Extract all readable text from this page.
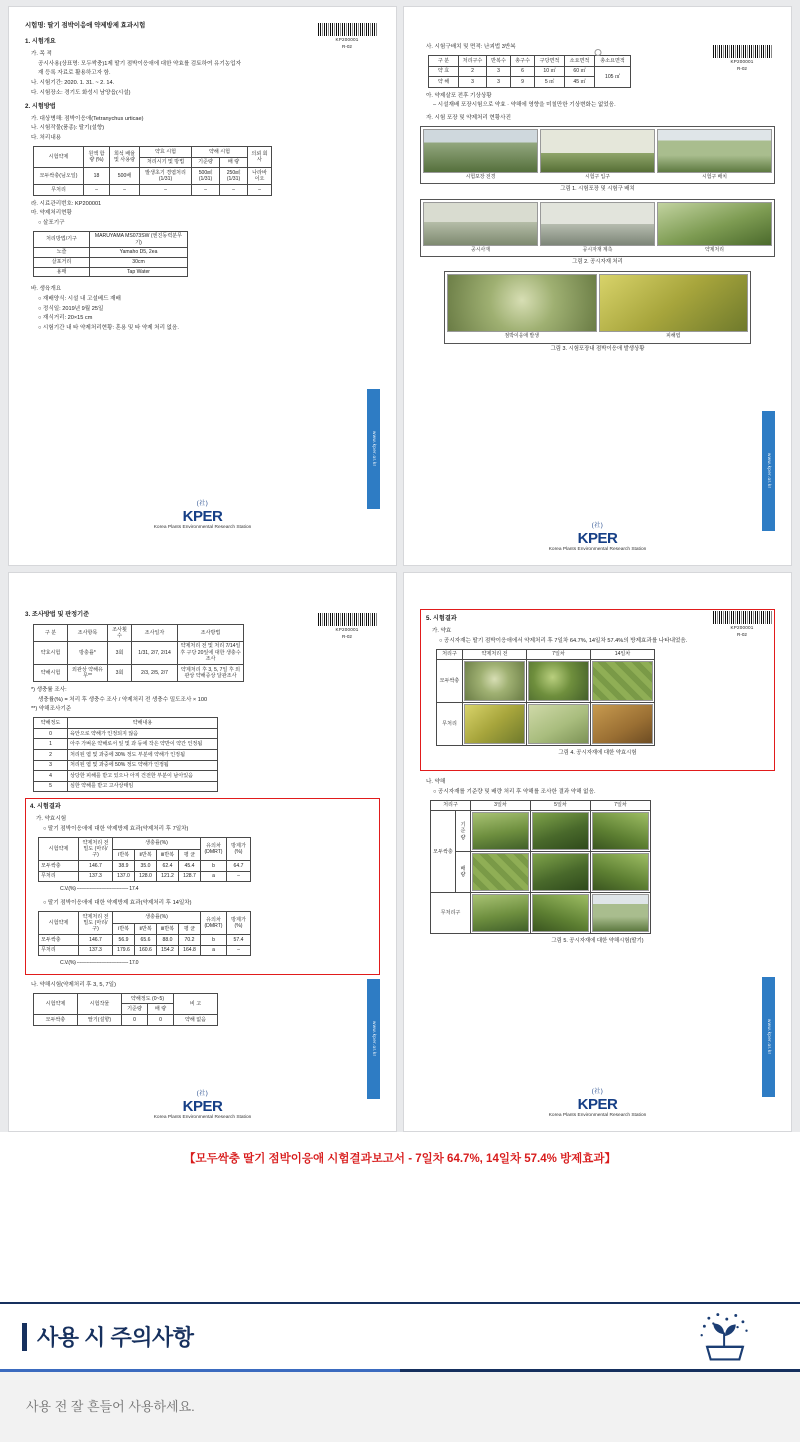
KP200001
R-02
시험명: 딸기 점박이응애 약제방제 효과시험
1. 시험개요
가. 목 적
공시사용(상표명: 모두싹충)1제 딸기 점박이응애에 대한 약효를 검토하여 유기농업자
재 등록 자료로 활용하고자 함.
나. 시험기간: 2020. 1. 31. ~ 2. 14.
다. 시험장소: 경기도 화성시 남양읍(시설)
2. 시험방법
가. 대상병해: 점박이응애(Tetranychus urticae)
나. 시험작물(품종): 딸기(설향)
다. 처리내용
시험약제	원액 함량 (%)	희석 배율 및 사용량	약효 시험	약해 시험		의뢰 회사
			처리시기 및 방법	기준량	배 량	
모두싹충(님오일)	18	500배	발생초기 경엽처리 (1/31)	500㎖ (1/31)	250㎖ (1/31)	나라바이오
무처리	–	–	–	–	–	–
라. 시료관리번호: KP200001
마. 약제처리현황
○ 살포기구
처리방법/기구	MARUYAMA MS073SW (엔진동력분무기)
노즐	Yamaho D5, 2ea
살포거리	30cm
용매	Tap Water
바. 생육개요
○ 재배양식: 시설 내 고설베드 재배
○ 정식일: 2019년 9월 25일
○ 재식거리: 20×15 cm
○ 시험기간 내 타 약제처리현황: 혼용 및 타 약제 처리 없음.
www.kper.or.kr
(社)
KPER
Korea Plants Environmental Research Station
KP200001
R-02
사. 시험구배치 및 면적: 난괴법 3반복
구 분	처리구수	반복수	총구수	구당면적	소요면적	총소요면적
약 효	2	3	6	10 ㎡	60 ㎡	105 ㎡
약 해	3	3	9	5 ㎡	45 ㎡	
아. 약제살포 전후 기상상황
– 시설재배 포장시험으로 약효 · 약해에 영향을 미칠만한 기상변화는 없었음.
자. 시험 포장 및 약제처리 현황사진
시험포장 전경	시험구 입구	시험구 배치
그림 1. 시험포장 및 시험구 배치
공시사재	공시자재 계측	약제처리
그림 2. 공시자재 처리
점박이응애 발생	피해엽
그림 3. 시험포장내 점박이응애 발생상황
www.kper.or.kr
(社)
KPER
Korea Plants Environmental Research Station
KP200001
R-02
3. 조사방법 및 판정기준
구 분	조사항목	조사횟수	조사일자	조사방법
약효시험	방충률*	3회	1/31, 2/7, 2/14	약제처리 전 및 처리 7/14일 후 구당 20잎에 대한 생충수 조사
약해시험	외관상 약해유무**	3회	2/3, 2/5, 2/7	약제처리 후 3, 5, 7일 후 외관상 약해증상 달관조사
*) 생충률 조사:
생충률(%) = 처리 후 생충수 조사 / 약제처리 전 생충수 밀도조사 × 100
**) 약해조사기준
약해정도	약해내용
0	육안으로 약해가 인정되지 않음
1	아주 가벼운 약해로서 잎 및 과 등에 작은 약반이 약간 인정됨
2	처리된 엽 및 과중에 30% 정도 부분에 약해가 인정됨
3	처리된 엽 및 과중에 50% 정도 약해가 인정됨
4	상당한 피해를 받고 있으나 아직 건전한 부분이 남아있음
5	심한 약해를 받고 고사상태임
4. 시험결과
가. 약효시험
○ 딸기 점박이응애에 대한 약제방제 효과(약제처리 후 7일차)
시험약제	약제처리 전 밀도 (마리/구)	생충률(%)				유의차 (DMRT)	방제가 (%)
		Ⅰ반복	Ⅱ반복	Ⅲ반복	평 균		
모두싹충	146.7	38.9	35.0	62.4	45.4	b	64.7
무처리	137.3	137.0	128.0	121.2	128.7	a	–
C.V.(%) ------------------------------------ 17.4
○ 딸기 점박이응애에 대한 약제방제 효과(약제처리 후 14일차)
시험약제	약제처리 전 밀도 (마리/구)	생충률(%)				유의차 (DMRT)	방제가 (%)
		Ⅰ반복	Ⅱ반복	Ⅲ반복	평 균		
모두싹충	146.7	56.9	65.6	88.0	70.2	b	57.4
무처리	137.3	179.6	160.6	154.2	164.8	a	–
C.V.(%) ------------------------------------ 17.0
나. 약해시험(약제처리 후 3, 5, 7일)
시험약제	시험작물	약해정도 (0~5)		비 고
		기준량	배 량	
모두싹충	딸기(설향)	0	0	약해 없음
www.kper.or.kr
(社)
KPER
Korea Plants Environmental Research Station
KP200001
R-02
5. 시험결과
가. 약효
○ 공시자재는 딸기 점박이응애에서 약제처리 후 7일차 64.7%, 14일차 57.4%의 방제효과를 나타내었음.
처리구	약제처리 전	7일차	14일차
모두싹충	

무처리	

그림 4. 공시자재에 대한 약효시험
나. 약해
○ 공시자재를 기준량 및 배량 처리 후 약해를 조사한 결과 약해 없음.
처리구		3일차	5일차	7일차
모두싹충	기 준 량	

	배 량	

무처리구		

그림 5. 공시자재에 대한 약해시험(딸기)
www.kper.or.kr
(社)
KPER
Korea Plants Environmental Research Station
【모두싹충 딸기 점박이응애 시험결과보고서 - 7일차 64.7%, 14일차 57.4% 방제효과】
사용 시 주의사항
사용 전 잘 흔들어 사용하세요.
